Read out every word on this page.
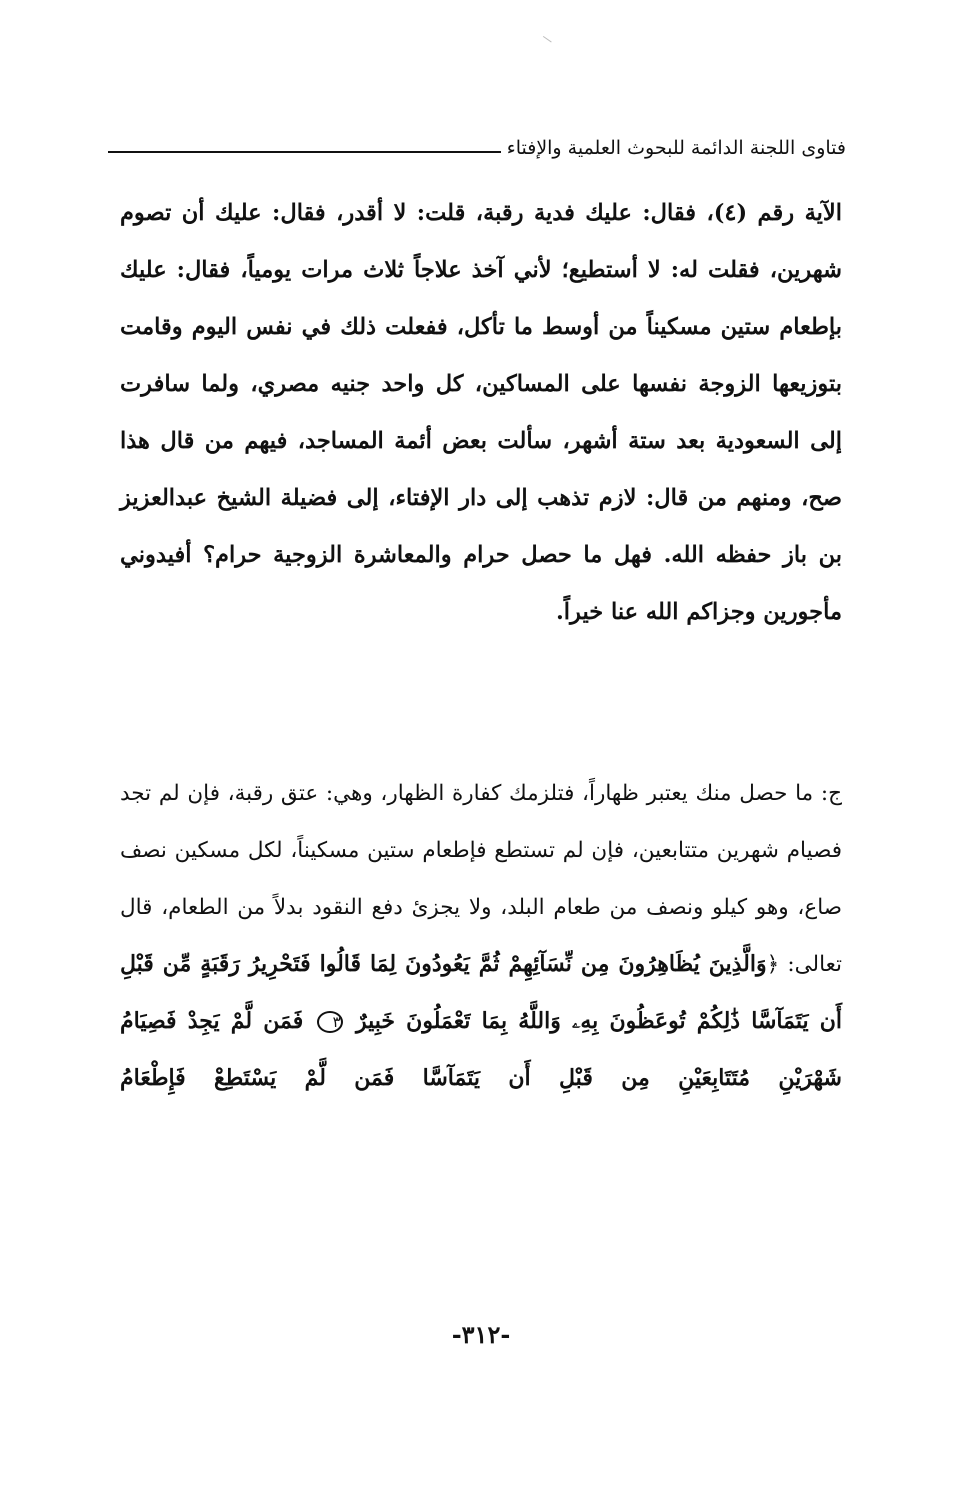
فتاوى اللجنة الدائمة للبحوث العلمية والإفتاء

الآية رقم (٤)، فقال: عليك فدية رقبة، قلت: لا أقدر، فقال: عليك أن تصوم شهرين، فقلت له: لا أستطيع؛ لأني آخذ علاجاً ثلاث مرات يومياً، فقال: عليك بإطعام ستين مسكيناً من أوسط ما تأكل، ففعلت ذلك في نفس اليوم وقامت بتوزيعها الزوجة نفسها على المساكين، كل واحد جنيه مصري، ولما سافرت إلى السعودية بعد ستة أشهر، سألت بعض أئمة المساجد، فيهم من قال هذا صح، ومنهم من قال: لازم تذهب إلى دار الإفتاء، إلى فضيلة الشيخ عبدالعزيز بن باز حفظه الله. فهل ما حصل حرام والمعاشرة الزوجية حرام؟ أفيدوني مأجورين وجزاكم الله عنا خيراً.

ج: ما حصل منك يعتبر ظهاراً، فتلزمك كفارة الظهار، وهي: عتق رقبة، فإن لم تجد فصيام شهرين متتابعين، فإن لم تستطع فإطعام ستين مسكيناً، لكل مسكين نصف صاع، وهو كيلو ونصف من طعام البلد، ولا يجزئ دفع النقود بدلاً من الطعام، قال تعالى: ﴿وَالَّذِينَ يُظَاهِرُونَ مِن نِّسَآئِهِمْ ثُمَّ يَعُودُونَ لِمَا قَالُوا فَتَحْرِيرُ رَقَبَةٍ مِّن قَبْلِ أَن يَتَمَآسَّا ذَٰلِكُمْ تُوعَظُونَ بِهِۦ وَاللَّهُ بِمَا تَعْمَلُونَ خَبِيرٌ ٣ فَمَن لَّمْ يَجِدْ فَصِيَامُ شَهْرَيْنِ مُتَتَابِعَيْنِ مِن قَبْلِ أَن يَتَمَآسَّا فَمَن لَّمْ يَسْتَطِعْ فَإِطْعَامُ

-٣١٢-
